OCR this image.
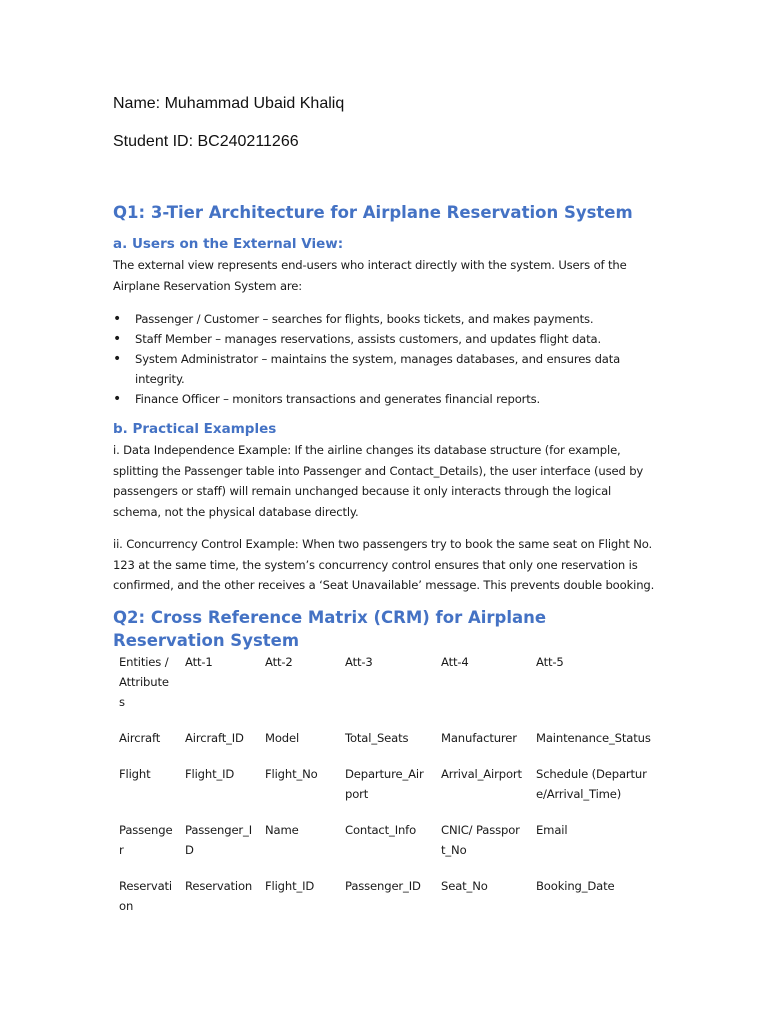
Name: Muhammad Ubaid Khaliq
Student ID: BC240211266
Q1: 3-Tier Architecture for Airplane Reservation System
a. Users on the External View:
The external view represents end-users who interact directly with the system. Users of the Airplane Reservation System are:
• Passenger / Customer – searches for flights, books tickets, and makes payments.
• Staff Member – manages reservations, assists customers, and updates flight data.
• System Administrator – maintains the system, manages databases, and ensures data integrity.
• Finance Officer – monitors transactions and generates financial reports.
b. Practical Examples
i. Data Independence Example: If the airline changes its database structure (for example, splitting the Passenger table into Passenger and Contact_Details), the user interface (used by passengers or staff) will remain unchanged because it only interacts through the logical schema, not the physical database directly.
ii. Concurrency Control Example: When two passengers try to book the same seat on Flight No. 123 at the same time, the system’s concurrency control ensures that only one reservation is confirmed, and the other receives a ‘Seat Unavailable’ message. This prevents double booking.
Q2: Cross Reference Matrix (CRM) for Airplane Reservation System
Entities / Attributes	Att-1	Att-2	Att-3	Att-4	Att-5
Aircraft	Aircraft_ID	Model	Total_Seats	Manufacturer	Maintenance_Status
Flight	Flight_ID	Flight_No	Departure_Airport	Arrival_Airport	Schedule (Departure/Arrival_Time)
Passenger	Passenger_ID	Name	Contact_Info	CNIC/ Passport_No	Email
Reservation	Reservation	Flight_ID	Passenger_ID	Seat_No	Booking_Date
